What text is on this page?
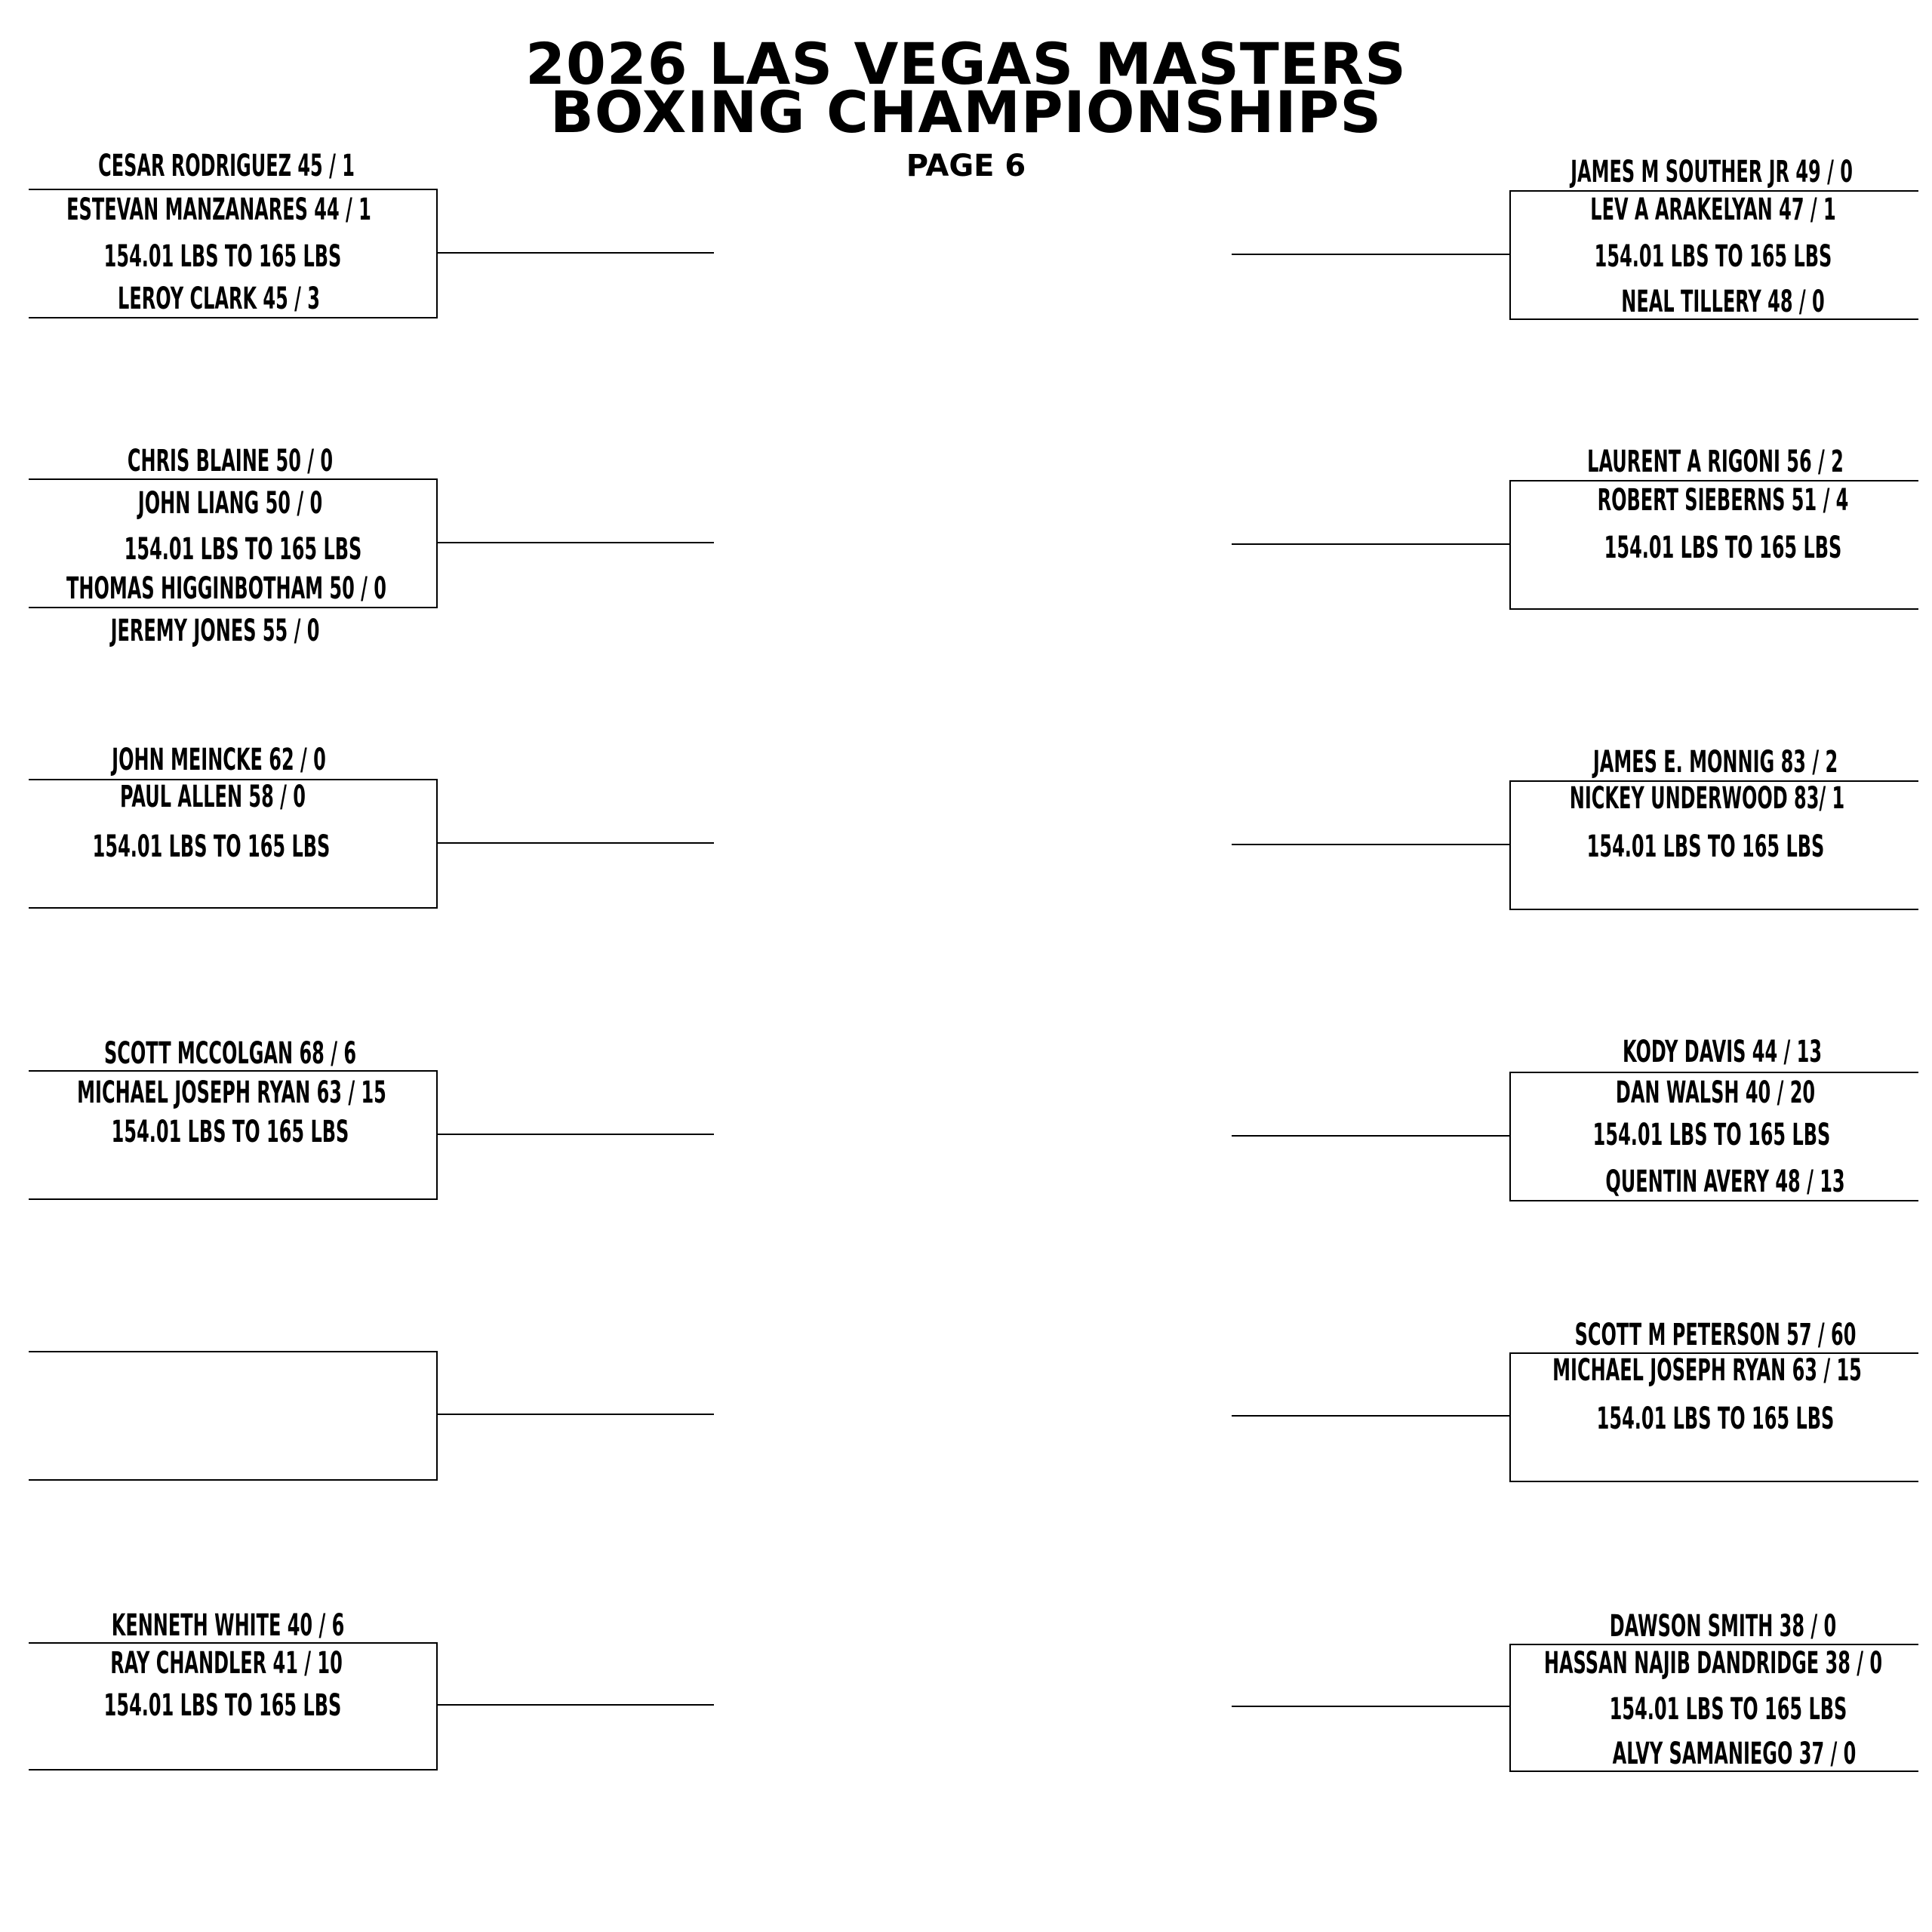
2026 LAS VEGAS MASTERS
BOXING CHAMPIONSHIPS
PAGE 6
CESAR RODRIGUEZ 45 / 1
ESTEVAN MANZANARES 44 / 1
154.01 LBS TO 165 LBS
LEROY CLARK 45 / 3
CHRIS BLAINE 50 / 0
JOHN LIANG 50 / 0
154.01 LBS TO 165 LBS
THOMAS HIGGINBOTHAM 50 / 0
JEREMY JONES 55 / 0
JOHN MEINCKE 62 / 0
PAUL ALLEN 58 / 0
154.01 LBS TO 165 LBS
SCOTT MCCOLGAN 68 / 6
MICHAEL JOSEPH RYAN 63 / 15
154.01 LBS TO 165 LBS
KENNETH WHITE 40 / 6
RAY CHANDLER 41 / 10
154.01 LBS TO 165 LBS
JAMES M SOUTHER JR 49 / 0
LEV A ARAKELYAN 47 / 1
154.01 LBS TO 165 LBS
NEAL TILLERY 48 / 0
LAURENT A RIGONI 56 / 2
ROBERT SIEBERNS 51 / 4
154.01 LBS TO 165 LBS
JAMES E. MONNIG 83 / 2
NICKEY UNDERWOOD 83/ 1
154.01 LBS TO 165 LBS
KODY DAVIS 44 / 13
DAN WALSH 40 / 20
154.01 LBS TO 165 LBS
QUENTIN AVERY 48 / 13
SCOTT M PETERSON 57 / 60
MICHAEL JOSEPH RYAN 63 / 15
154.01 LBS TO 165 LBS
DAWSON SMITH 38 / 0
HASSAN NAJIB DANDRIDGE 38 / 0
154.01 LBS TO 165 LBS
ALVY SAMANIEGO 37 / 0
